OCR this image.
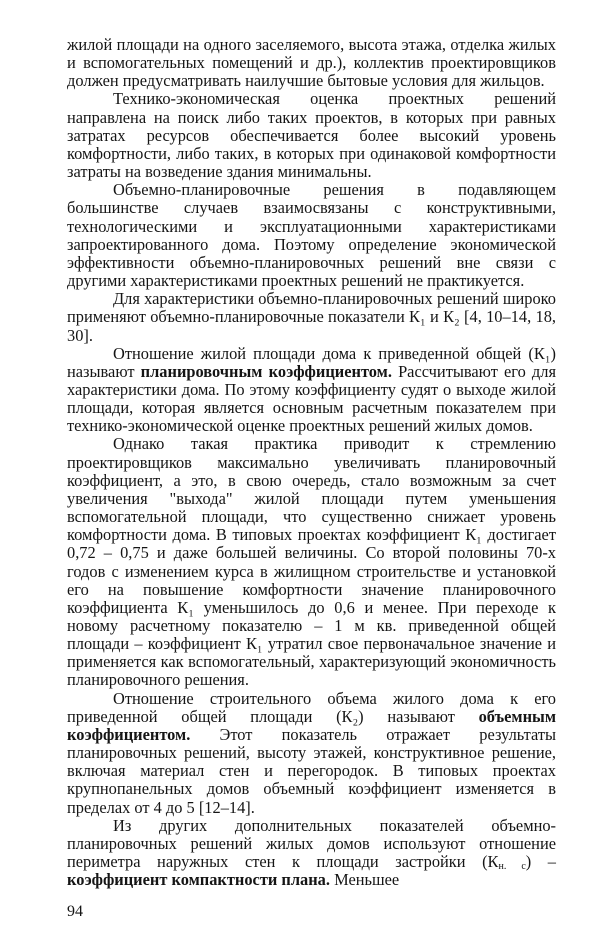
жилой площади на одного заселяемого, высота этажа, отделка жилых и вспомогательных помещений и др.), коллектив проектировщиков должен предусматривать наилучшие бытовые условия для жильцов.

Технико-экономическая оценка проектных решений направлена на поиск либо таких проектов, в которых при равных затратах ресурсов обеспечивается более высокий уровень комфортности, либо таких, в которых при одинаковой комфортности затраты на возведение здания минимальны.

Объемно-планировочные решения в подавляющем большинстве случаев взаимосвязаны с конструктивными, технологическими и эксплуатационными характеристиками запроектированного дома. Поэтому определение экономической эффективности объемно-планировочных решений вне связи с другими характеристиками проектных решений не практикуется.

Для характеристики объемно-планировочных решений широко применяют объемно-планировочные показатели К₁ и К₂ [4, 10–14, 18, 30].

Отношение жилой площади дома к приведенной общей (К₁) называют планировочным коэффициентом. Рассчитывают его для характеристики дома. По этому коэффициенту судят о выходе жилой площади, которая является основным расчетным показателем при технико-экономической оценке проектных решений жилых домов.

Однако такая практика приводит к стремлению проектировщиков максимально увеличивать планировочный коэффициент, а это, в свою очередь, стало возможным за счет увеличения "выхода" жилой площади путем уменьшения вспомогательной площади, что существенно снижает уровень комфортности дома. В типовых проектах коэффициент К₁ достигает 0,72 – 0,75 и даже большей величины. Со второй половины 70-х годов с изменением курса в жилищном строительстве и установкой его на повышение комфортности значение планировочного коэффициента К₁ уменьшилось до 0,6 и менее. При переходе к новому расчетному показателю – 1 м кв. приведенной общей площади – коэффициент К₁ утратил свое первоначальное значение и применяется как вспомогательный, характеризующий экономичность планировочного решения.

Отношение строительного объема жилого дома к его приведенной общей площади (К₂) называют объемным коэффициентом. Этот показатель отражает результаты планировочных решений, высоту этажей, конструктивное решение, включая материал стен и перегородок. В типовых проектах крупнопанельных домов объемный коэффициент изменяется в пределах от 4 до 5 [12–14].

Из других дополнительных показателей объемно-планировочных решений жилых домов используют отношение периметра наружных стен к площади застройки $(К_{н. с})$ – коэффициент компактности плана. Меньшее

94
